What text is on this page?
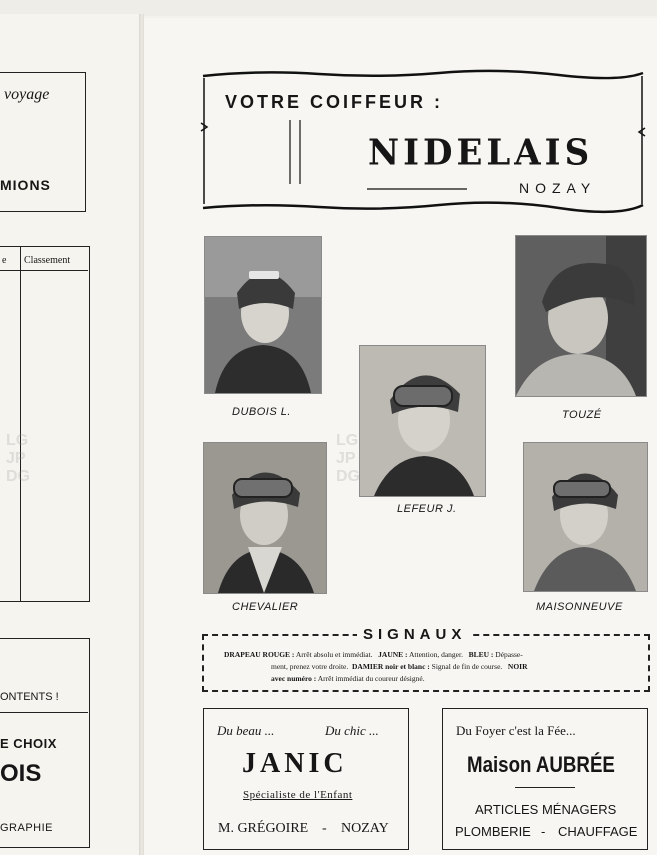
voyage
MIONS
e Classement
ONTENTS !
E CHOIX
OIS
GRAPHIE
VOTRE COIFFEUR :
NIDELAIS
NOZAY
DUBOIS L.	TOUZÉ
LEFEUR J.
CHEVALIER	MAISONNEUVE
LG
JP
DG
LG
JP
DG
SIGNAUX
DRAPEAU ROUGE : Arrêt absolu et immédiat. JAUNE : Attention, danger. BLEU : Dépasse-
ment, prenez votre droite. DAMIER noir et blanc : Signal de fin de course. NOIR
avec numéro : Arrêt immédiat du coureur désigné.
Du beau ...	Du chic ...
JANIC
Spécialiste de l'Enfant
M. GRÉGOIRE - NOZAY
Du Foyer c'est la Fée...
Maison AUBRÉE
ARTICLES MÉNAGERS
PLOMBERIE - CHAUFFAGE
